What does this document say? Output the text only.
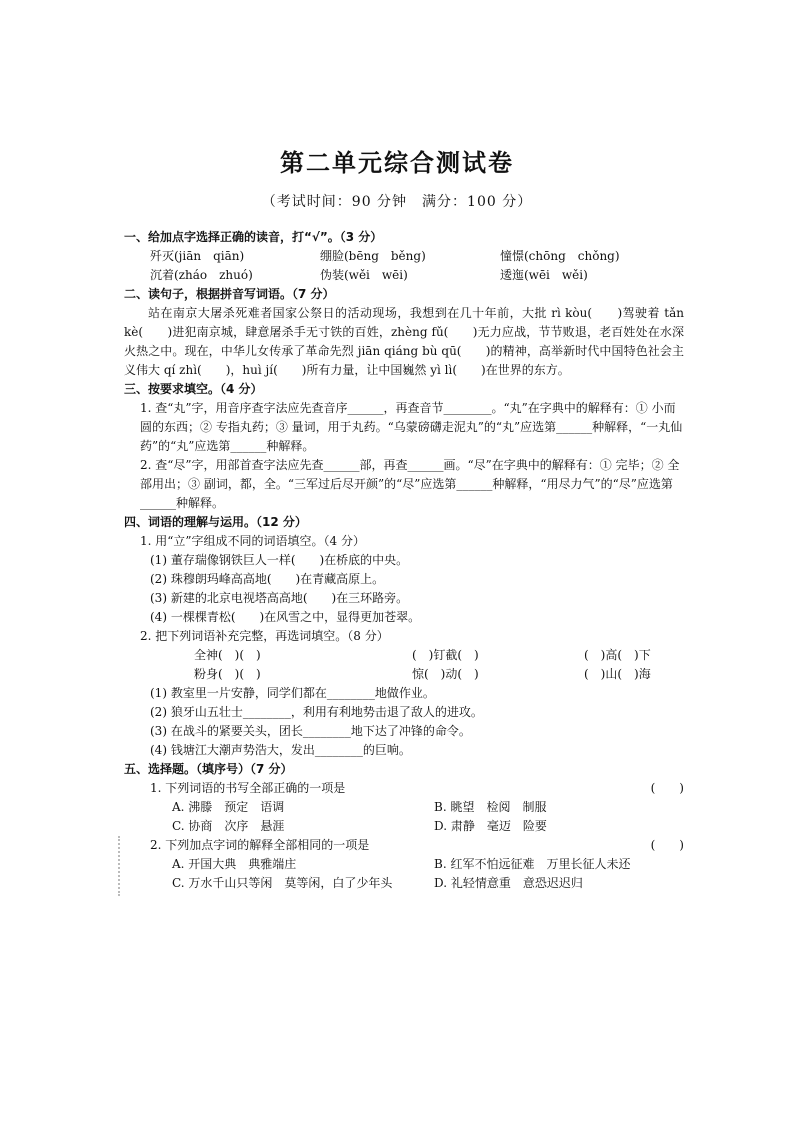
第二单元综合测试卷
（考试时间：90 分钟　满分：100 分）

一、给加点字选择正确的读音，打“√”。（3 分）

歼灭(jiān　qiān)	绷脸(bēng　běng)	憧憬(chōng　chǒng)
沉着(zháo　zhuó)	伪装(wěi　wēi)	逶迤(wēi　wěi)

二、读句子，根据拼音写词语。（7 分）

站在南京大屠杀死难者国家公祭日的活动现场，我想到在几十年前，大批 rì kòu(　　)驾驶着 tǎn kè(　　)进犯南京城，肆意屠杀手无寸铁的百姓，zhèng fǔ(　　)无力应战，节节败退，老百姓处在水深火热之中。现在，中华儿女传承了革命先烈 jiān qiáng bù qū(　　)的精神，高举新时代中国特色社会主义伟大 qí zhì(　　)，huì jí(　　)所有力量，让中国巍然 yì lì(　　)在世界的东方。

三、按要求填空。（4 分）

1. 查“丸”字，用音序查字法应先查音序______，再查音节________。“丸”在字典中的解释有：① 小而圆的东西；② 专指丸药；③ 量词，用于丸药。“乌蒙磅礴走泥丸”的“丸”应选第______种解释，“一丸仙药”的“丸”应选第______种解释。

2. 查“尽”字，用部首查字法应先查______部，再查______画。“尽”在字典中的解释有：① 完毕；② 全部用出；③ 副词，都，全。“三军过后尽开颜”的“尽”应选第______种解释，“用尽力气”的“尽”应选第______种解释。

四、词语的理解与运用。（12 分）

1. 用“立”字组成不同的词语填空。（4 分）

(1) 董存瑞像钢铁巨人一样(　　)在桥底的中央。

(2) 珠穆朗玛峰高高地(　　)在青藏高原上。

(3) 新建的北京电视塔高高地(　　)在三环路旁。

(4) 一棵棵青松(　　)在风雪之中，显得更加苍翠。

2. 把下列词语补充完整，再选词填空。（8 分）

全神(　)(　)	(　)钉截(　)	(　)高(　)下
粉身(　)(　)	惊(　)动(　)	(　)山(　)海

(1) 教室里一片安静，同学们都在________地做作业。

(2) 狼牙山五壮士________，利用有利地势击退了敌人的进攻。

(3) 在战斗的紧要关头，团长________地下达了冲锋的命令。

(4) 钱塘江大潮声势浩大，发出________的巨响。

五、选择题。（填序号）（7 分）

1. 下列词语的书写全部正确的一项是	(　　)
A. 沸滕　预定　语调	B. 眺望　检阅　制服
C. 协商　次序　悬涯	D. 肃静　毫迈　险要
2. 下列加点字词的解释全部相同的一项是	(　　)
A. 开国大典　典雅端庄	B. 红军不怕远征难　万里长征人未还
C. 万水千山只等闲　莫等闲，白了少年头	D. 礼轻情意重　意恐迟迟归
